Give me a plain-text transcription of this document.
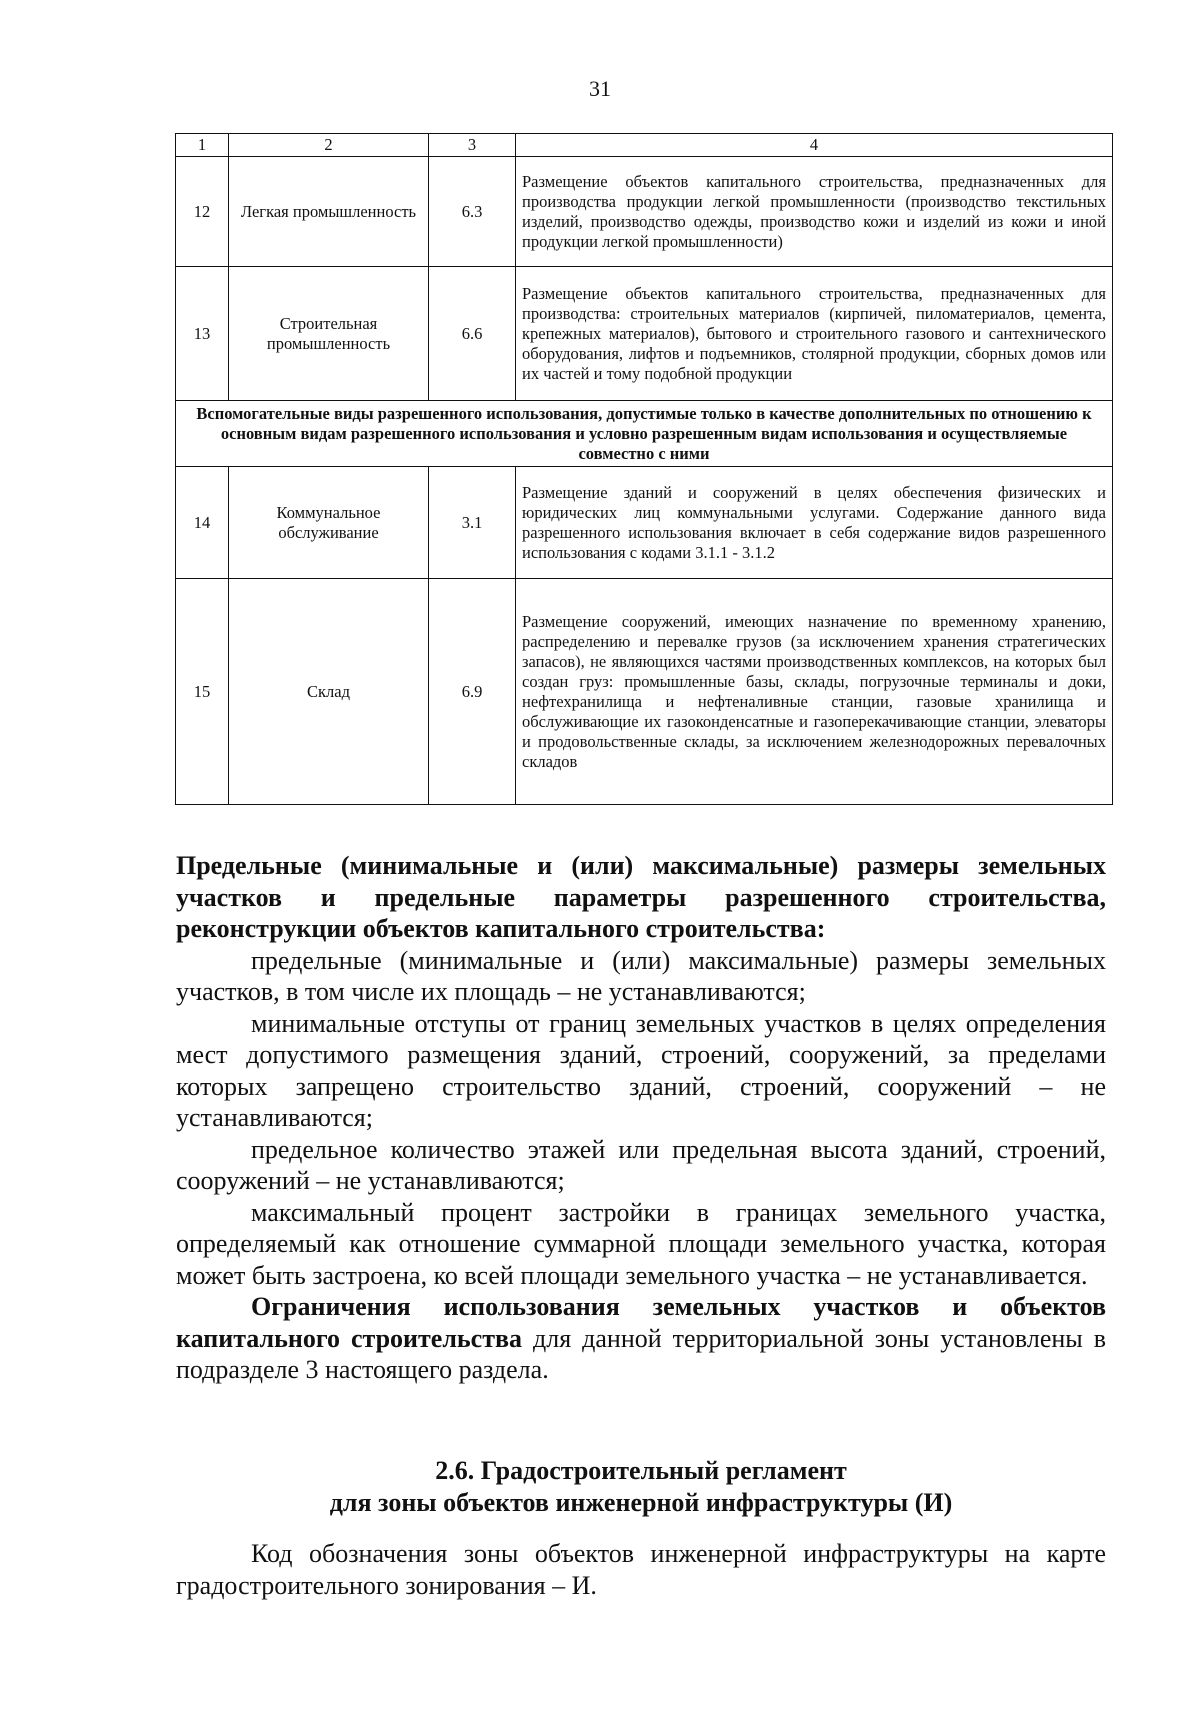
31
1	2	3	4
12	Легкая промышленность	6.3	Размещение объектов капитального строительства, предназначенных для производства продукции легкой промышленности (производство текстильных изделий, производство одежды, производство кожи и изделий из кожи и иной продукции легкой промышленности)
13	Строительная промышленность	6.6	Размещение объектов капитального строительства, предназначенных для производства: строительных материалов (кирпичей, пиломатериалов, цемента, крепежных материалов), бытового и строительного газового и сантехнического оборудования, лифтов и подъемников, столярной продукции, сборных домов или их частей и тому подобной продукции
Вспомогательные виды разрешенного использования, допустимые только в качестве дополнительных по отношению к основным видам разрешенного использования и условно разрешенным видам использования и осуществляемые совместно с ними			
14	Коммунальное обслуживание	3.1	Размещение зданий и сооружений в целях обеспечения физических и юридических лиц коммунальными услугами. Содержание данного вида разрешенного использования включает в себя содержание видов разрешенного использования с кодами 3.1.1 - 3.1.2
15	Склад	6.9	Размещение сооружений, имеющих назначение по временному хранению, распределению и перевалке грузов (за исключением хранения стратегических запасов), не являющихся частями производственных комплексов, на которых был создан груз: промышленные базы, склады, погрузочные терминалы и доки, нефтехранилища и нефтеналивные станции, газовые хранилища и обслуживающие их газоконденсатные и газоперекачивающие станции, элеваторы и продовольственные склады, за исключением железнодорожных перевалочных складов

Предельные (минимальные и (или) максимальные) размеры земельных участков и предельные параметры разрешенного строительства, реконструкции объектов капитального строительства:

предельные (минимальные и (или) максимальные) размеры земельных участков, в том числе их площадь – не устанавливаются;

минимальные отступы от границ земельных участков в целях определения мест допустимого размещения зданий, строений, сооружений, за пределами которых запрещено строительство зданий, строений, сооружений – не устанавливаются;

предельное количество этажей или предельная высота зданий, строений, сооружений – не устанавливаются;

максимальный процент застройки в границах земельного участка, определяемый как отношение суммарной площади земельного участка, которая может быть застроена, ко всей площади земельного участка – не устанавливается.

Ограничения использования земельных участков и объектов капитального строительства для данной территориальной зоны установлены в подразделе 3 настоящего раздела.

2.6. Градостроительный регламент

для зоны объектов инженерной инфраструктуры (И)

Код обозначения зоны объектов инженерной инфраструктуры на карте градостроительного зонирования – И.
